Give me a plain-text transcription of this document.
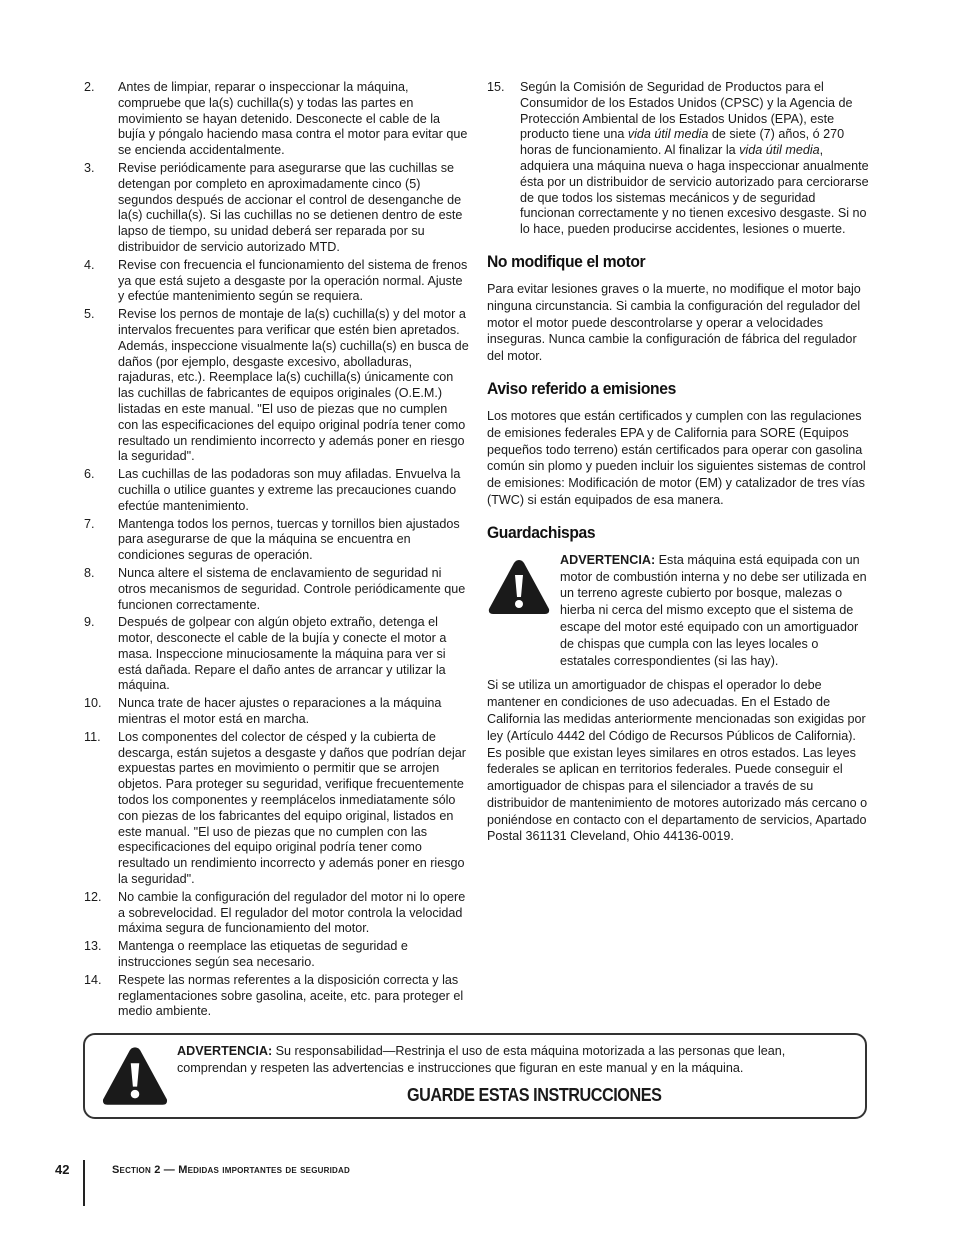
2.	Antes de limpiar, reparar o inspeccionar la máquina, compruebe que la(s) cuchilla(s) y todas las partes en movimiento se hayan detenido. Desconecte el cable de la bujía y póngalo haciendo masa contra el motor para evitar que se encienda accidentalmente.
3.	Revise periódicamente para asegurarse que las cuchillas se detengan por completo en aproximadamente cinco (5) segundos después de accionar el control de desenganche de la(s) cuchilla(s). Si las cuchillas no se detienen dentro de este lapso de tiempo, su unidad deberá ser reparada por su distribuidor de servicio autorizado MTD.
4.	Revise con frecuencia el funcionamiento del sistema de frenos ya que está sujeto a desgaste por la operación normal. Ajuste y efectúe mantenimiento según se requiera.
5.	Revise los pernos de montaje de la(s) cuchilla(s) y del motor a intervalos frecuentes para verificar que estén bien apretados. Además, inspeccione visualmente la(s) cuchilla(s) en busca de daños (por ejemplo, desgaste excesivo, abolladuras, rajaduras, etc.). Reemplace la(s) cuchilla(s) únicamente con las cuchillas de fabricantes de equipos originales (O.E.M.) listadas en este manual. "El uso de piezas que no cumplen con las especificaciones del equipo original podría tener como resultado un rendimiento incorrecto y además poner en riesgo la seguridad".
6.	Las cuchillas de las podadoras son muy afiladas. Envuelva la cuchilla o utilice guantes y extreme las precauciones cuando efectúe mantenimiento.
7.	Mantenga todos los pernos, tuercas y tornillos bien ajustados para asegurarse de que la máquina se encuentra en condiciones seguras de operación.
8.	Nunca altere el sistema de enclavamiento de seguridad ni otros mecanismos de seguridad. Controle periódicamente que funcionen correctamente.
9.	Después de golpear con algún objeto extraño, detenga el motor, desconecte el cable de la bujía y conecte el motor a masa. Inspeccione minuciosamente la máquina para ver si está dañada. Repare el daño antes de arrancar y utilizar la máquina.
10.	Nunca trate de hacer ajustes o reparaciones a la máquina mientras el motor está en marcha.
11.	Los componentes del colector de césped y la cubierta de descarga, están sujetos a desgaste y daños que podrían dejar expuestas partes en movimiento o permitir que se arrojen objetos. Para proteger su seguridad, verifique frecuentemente todos los componentes y reemplácelos inmediatamente sólo con piezas de los fabricantes del equipo original, listados en este manual. "El uso de piezas que no cumplen con las especificaciones del equipo original podría tener como resultado un rendimiento incorrecto y además poner en riesgo la seguridad".
12.	No cambie la configuración del regulador del motor ni lo opere a sobrevelocidad. El regulador del motor controla la velocidad máxima segura de funcionamiento del motor.
13.	Mantenga o reemplace las etiquetas de seguridad e instrucciones según sea necesario.
14.	Respete las normas referentes a la disposición correcta y las reglamentaciones sobre gasolina, aceite, etc. para proteger el medio ambiente.
15.	Según la Comisión de Seguridad de Productos para el Consumidor de los Estados Unidos (CPSC) y la Agencia de Protección Ambiental de los Estados Unidos (EPA), este producto tiene una vida útil media de siete (7) años, ó 270 horas de funcionamiento. Al finalizar la vida útil media, adquiera una máquina nueva o haga inspeccionar anualmente ésta por un distribuidor de servicio autorizado para cerciorarse de que todos los sistemas mecánicos y de seguridad funcionan correctamente y no tienen excesivo desgaste. Si no lo hace, pueden producirse accidentes, lesiones o muerte.
No modifique el motor

Para evitar lesiones graves o la muerte, no modifique el motor bajo ninguna circunstancia. Si cambia la configuración del regulador del motor el motor puede descontrolarse y operar a velocidades inseguras. Nunca cambie la configuración de fábrica del regulador del motor.

Aviso referido a emisiones

Los motores que están certificados y cumplen con las regulaciones de emisiones federales EPA y de California para SORE (Equipos pequeños todo terreno) están certificados para operar con gasolina común sin plomo y pueden incluir los siguientes sistemas de control de emisiones: Modificación de motor (EM) y catalizador de tres vías (TWC) si están equipados de esa manera.

Guardachispas
ADVERTENCIA: Esta máquina está equipada con un motor de combustión interna y no debe ser utilizada en un terreno agreste cubierto por bosque, malezas o hierba ni cerca del mismo excepto que el sistema de escape del motor esté equipado con un amortiguador de chispas que cumpla con las leyes locales o estatales correspondientes (si las hay).

Si se utiliza un amortiguador de chispas el operador lo debe mantener en condiciones de uso adecuadas. En el Estado de California las medidas anteriormente mencionadas son exigidas por ley (Artículo 4442 del Código de Recursos Públicos de California). Es posible que existan leyes similares en otros estados. Las leyes federales se aplican en territorios federales. Puede conseguir el amortiguador de chispas para el silenciador a través de su distribuidor de mantenimiento de motores autorizado más cercano o poniéndose en contacto con el departamento de servicios, Apartado Postal 361131 Cleveland, Ohio 44136-0019.

ADVERTENCIA: Su responsabilidad—Restrinja el uso de esta máquina motorizada a las personas que lean, comprendan y respeten las advertencias e instrucciones que figuran en este manual y en la máquina.
GUARDE ESTAS INSTRUCCIONES
42	Section 2 — Medidas importantes de seguridad
